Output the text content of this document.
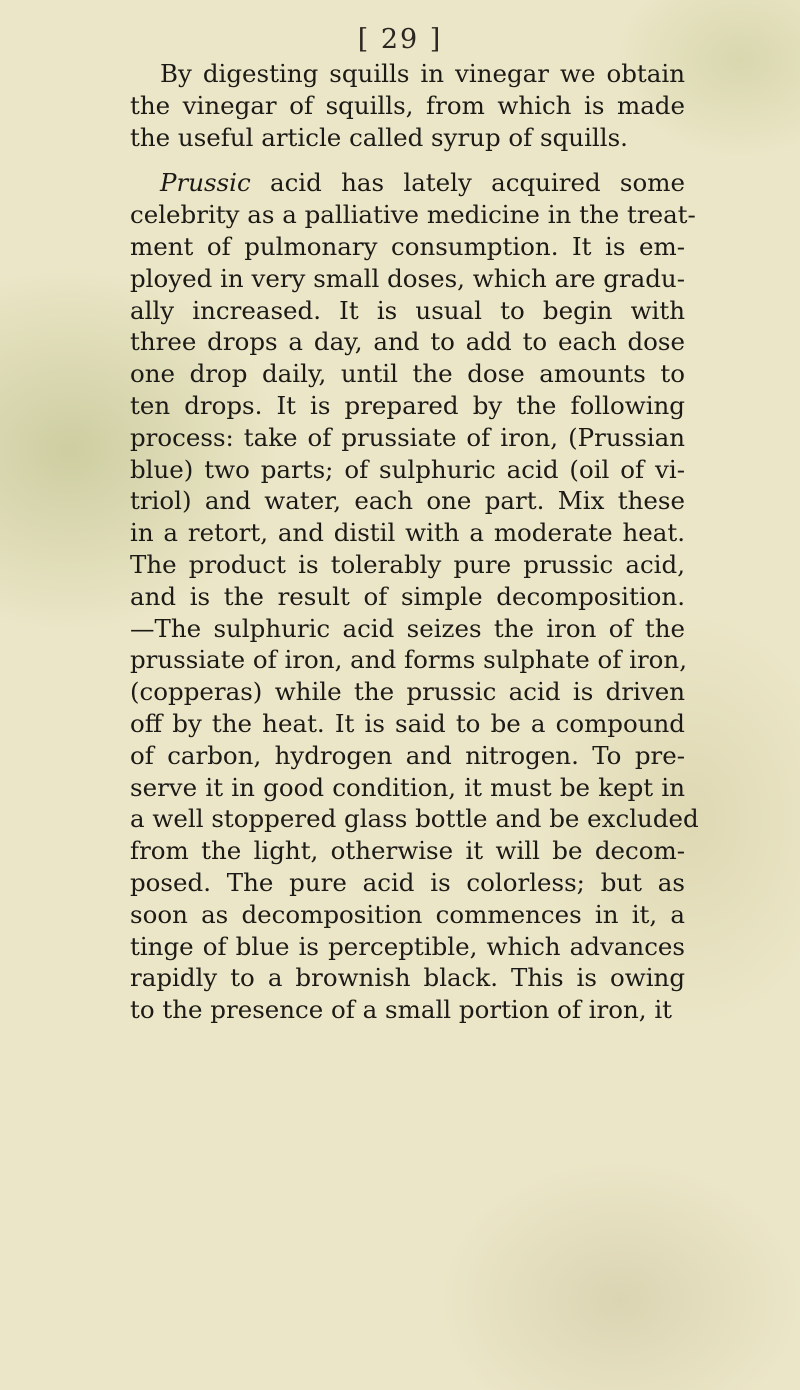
[ 29 ]

By digesting squills in vinegar we obtain
the vinegar of squills, from which is made
the useful article called syrup of squills.

Prussic acid has lately acquired some
celebrity as a palliative medicine in the treat-
ment of pulmonary consumption. It is em-
ployed in very small doses, which are gradu-
ally increased. It is usual to begin with
three drops a day, and to add to each dose
one drop daily, until the dose amounts to
ten drops. It is prepared by the following
process: take of prussiate of iron, (Prussian
blue) two parts; of sulphuric acid (oil of vi-
triol) and water, each one part. Mix these
in a retort, and distil with a moderate heat.
The product is tolerably pure prussic acid,
and is the result of simple decomposition.
—The sulphuric acid seizes the iron of the
prussiate of iron, and forms sulphate of iron,
(copperas) while the prussic acid is driven
off by the heat. It is said to be a compound
of carbon, hydrogen and nitrogen. To pre-
serve it in good condition, it must be kept in
a well stoppered glass bottle and be excluded
from the light, otherwise it will be decom-
posed. The pure acid is colorless; but as
soon as decomposition commences in it, a
tinge of blue is perceptible, which advances
rapidly to a brownish black. This is owing
to the presence of a small portion of iron, it
